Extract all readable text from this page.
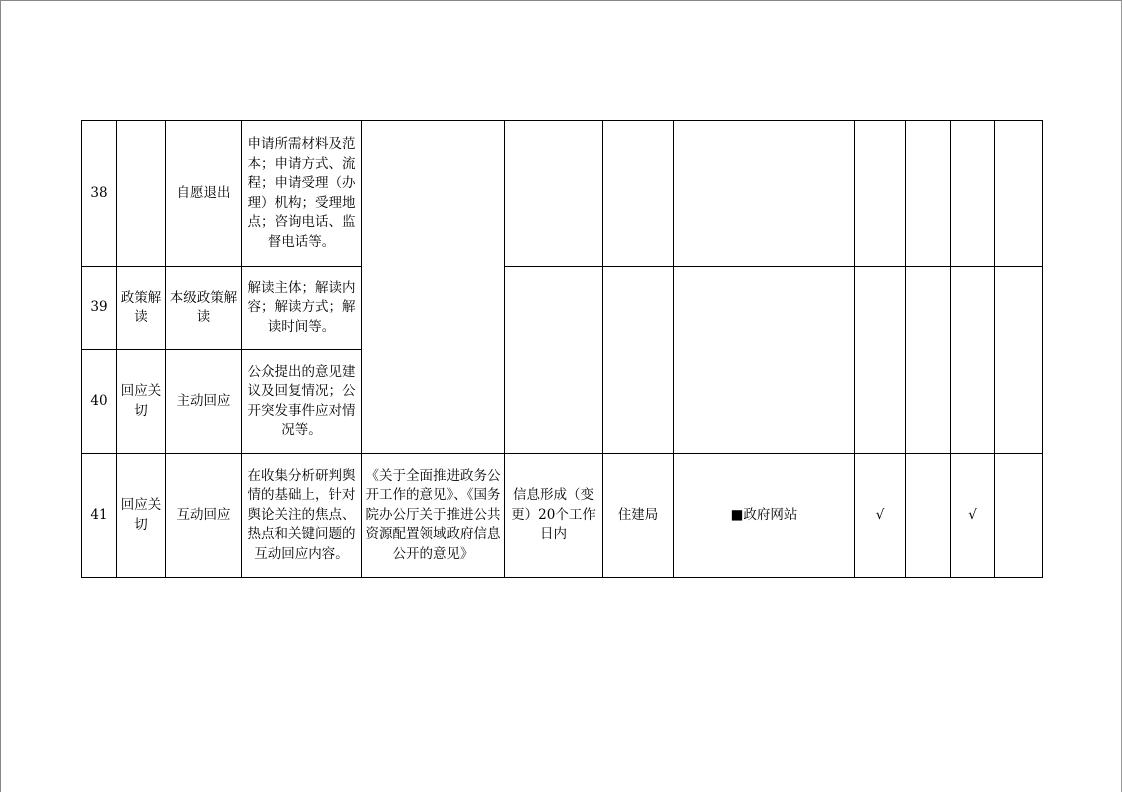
38		自愿退出	申请所需材料及范本；申请方式、流程；申请受理（办理）机构；受理地点；咨询电话、监督电话等。								
39	政策解读	本级政策解读	解读主体；解读内容；解读方式；解读时间等。								
40	回应关切	主动回应	公众提出的意见建议及回复情况；公开突发事件应对情况等。								
41	回应关切	互动回应	在收集分析研判舆情的基础上，针对舆论关注的焦点、热点和关键问题的互动回应内容。	《关于全面推进政务公开工作的意见》、《国务院办公厅关于推进公共资源配置领域政府信息公开的意见》	信息形成（变更）20个工作日内	住建局	■政府网站	√		√	
